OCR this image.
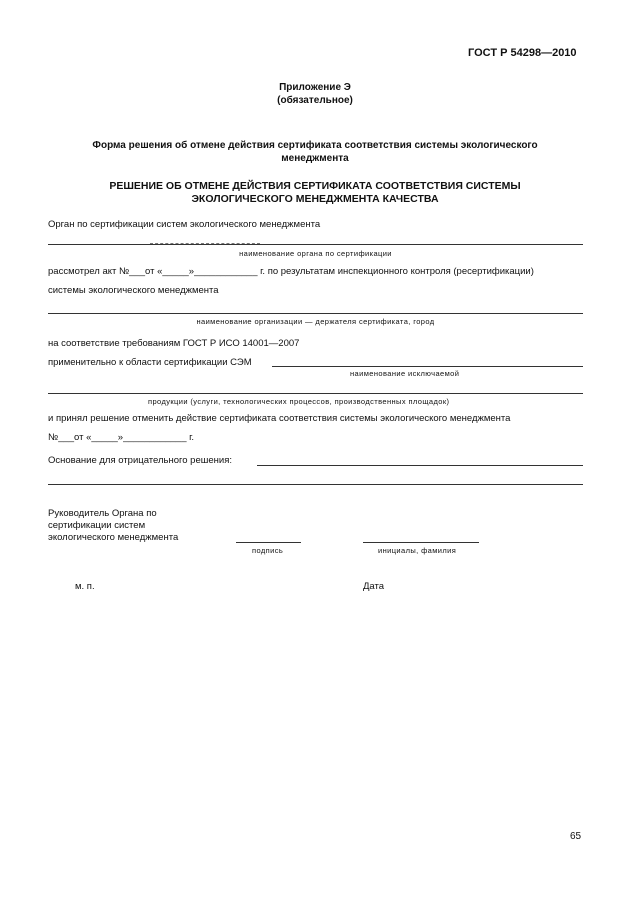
ГОСТ Р 54298—2010
Приложение Э
(обязательное)
Форма решения об отмене действия сертификата соответствия системы экологического
менеджмента
РЕШЕНИЕ ОБ ОТМЕНЕ ДЕЙСТВИЯ СЕРТИФИКАТА СООТВЕТСТВИЯ СИСТЕМЫ
ЭКОЛОГИЧЕСКОГО МЕНЕДЖМЕНТА КАЧЕСТВА
Орган по сертификации систем экологического менеджмента
наименование органа по сертификации
рассмотрел акт №___от «_____»____________ г. по результатам инспекционного контроля (ресертификации)
системы экологического менеджмента
наименование организации — держателя сертификата, город
на соответствие требованиям ГОСТ Р ИСО 14001—2007
применительно к области сертификации СЭМ
наименование исключаемой
продукции (услуги, технологических процессов, производственных площадок)
и принял решение отменить действие сертификата соответствия системы экологического менеджмента
№___от «_____»____________ г.
Основание для отрицательного решения:
Руководитель Органа по
сертификации систем
экологического менеджмента
подпись	инициалы, фамилия
м. п.	Дата
65
